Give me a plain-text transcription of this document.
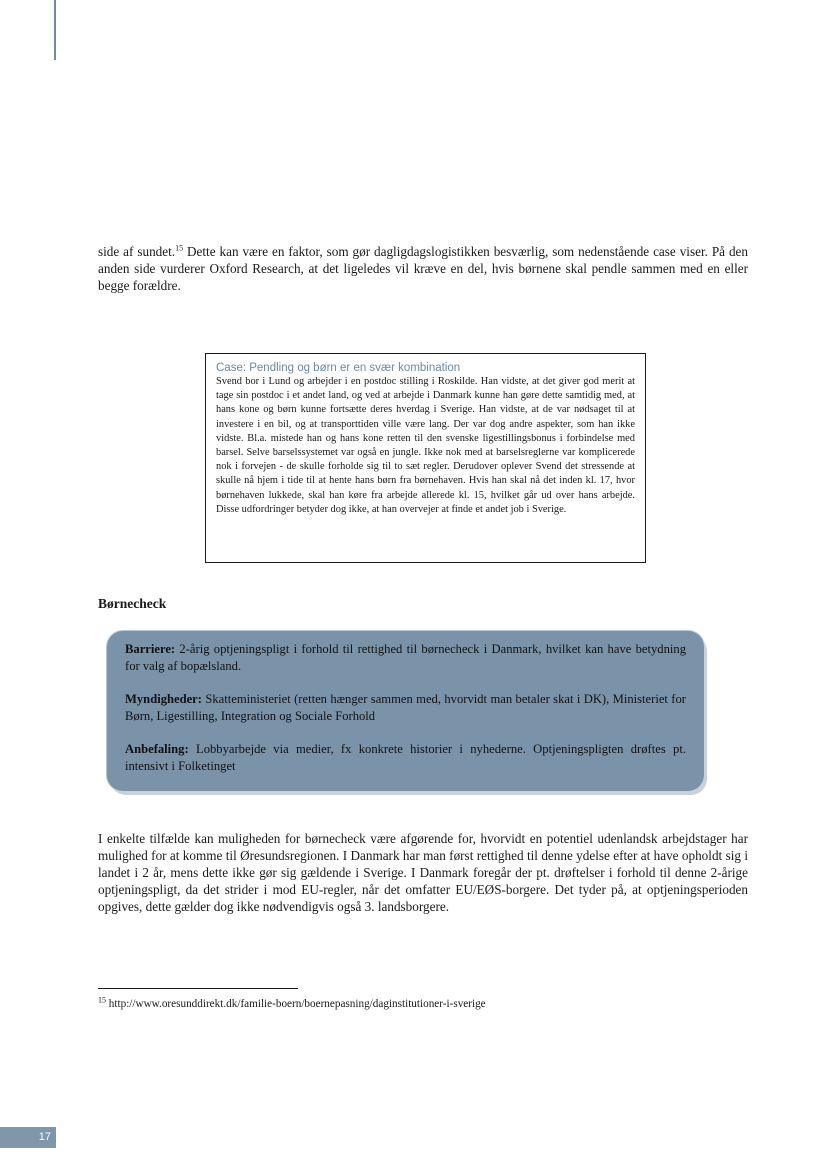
side af sundet.$^{15}$ Dette kan være en faktor, som gør dagligdagslogistikken besværlig, som nedenstående case viser. På den anden side vurderer Oxford Research, at det ligeledes vil kræve en del, hvis børnene skal pendle sammen med en eller begge forældre.

Case: Pendling og børn er en svær kombination

Svend bor i Lund og arbejder i en postdoc stilling i Roskilde. Han vidste, at det giver god merit at tage sin postdoc i et andet land, og ved at arbejde i Danmark kunne han gøre dette samtidig med, at hans kone og børn kunne fortsætte deres hverdag i Sverige. Han vidste, at de var nødsaget til at investere i en bil, og at transporttiden ville være lang. Der var dog andre aspekter, som han ikke vidste. Bl.a. mistede han og hans kone retten til den svenske ligestillingsbonus i forbindelse med barsel. Selve barselssystemet var også en jungle. Ikke nok med at barselsreglerne var komplicerede nok i forvejen - de skulle forholde sig til to sæt regler. Derudover oplever Svend det stressende at skulle nå hjem i tide til at hente hans børn fra børnehaven. Hvis han skal nå det inden kl. 17, hvor børnehaven lukkede, skal han køre fra arbejde allerede kl. 15, hvilket går ud over hans arbejde. Disse udfordringer betyder dog ikke, at han overvejer at finde et andet job i Sverige.

Børnecheck

Barriere: 2-årig optjeningspligt i forhold til rettighed til børnecheck i Danmark, hvilket kan have betydning for valg af bopælsland.

Myndigheder: Skatteministeriet (retten hænger sammen med, hvorvidt man betaler skat i DK), Ministeriet for Børn, Ligestilling, Integration og Sociale Forhold

Anbefaling: Lobbyarbejde via medier, fx konkrete historier i nyhederne. Optjeningspligten drøftes pt. intensivt i Folketinget

I enkelte tilfælde kan muligheden for børnecheck være afgørende for, hvorvidt en potentiel udenlandsk arbejdstager har mulighed for at komme til Øresundsregionen. I Danmark har man først rettighed til denne ydelse efter at have opholdt sig i landet i 2 år, mens dette ikke gør sig gældende i Sverige. I Danmark foregår der pt. drøftelser i forhold til denne 2-årige optjeningspligt, da det strider i mod EU-regler, når det omfatter EU/EØS-borgere. Det tyder på, at optjeningsperioden opgives, dette gælder dog ikke nødvendigvis også 3. landsborgere.

$^{15}$ http://www.oresunddirekt.dk/familie-boern/boernepasning/daginstitutioner-i-sverige

17
